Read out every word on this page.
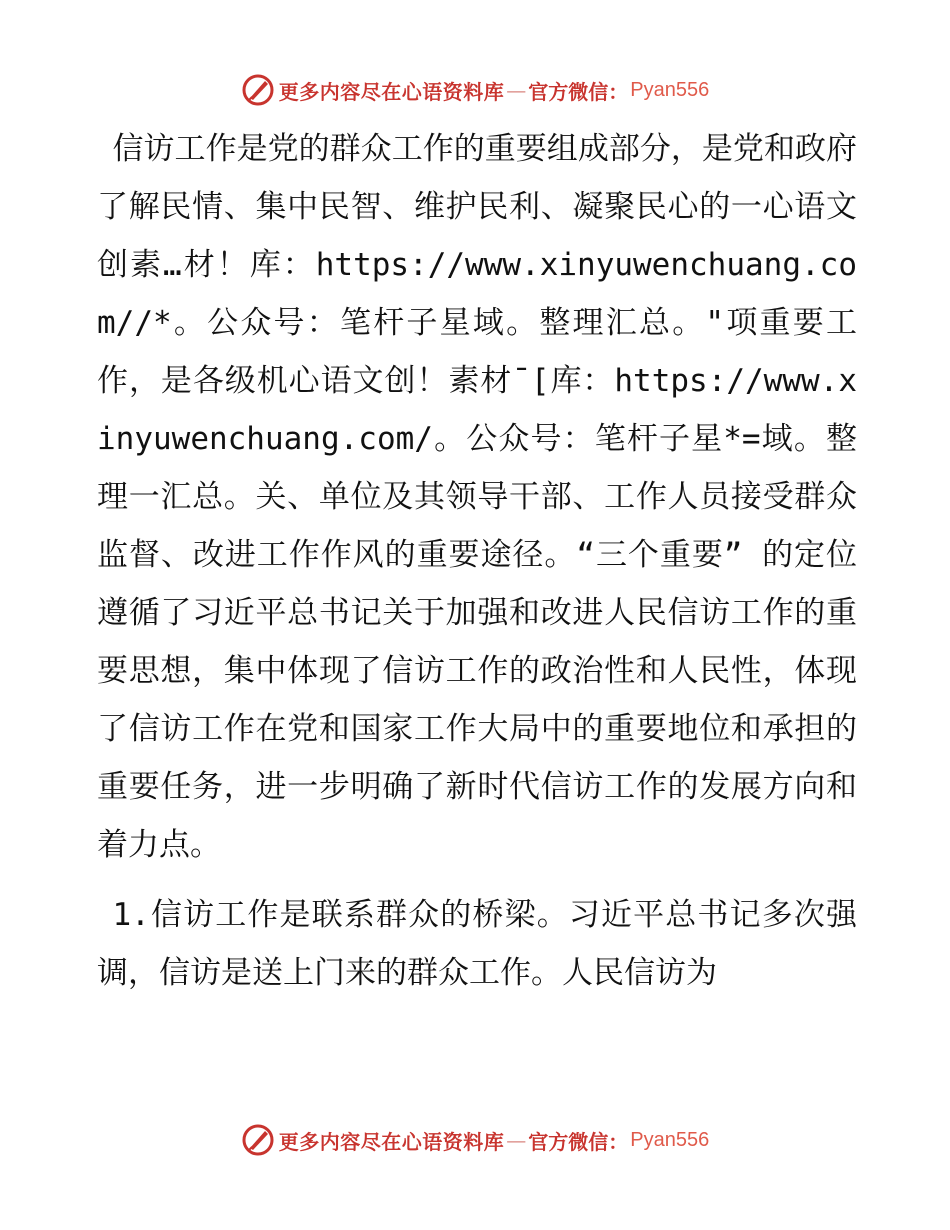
更多内容尽在心语资料库 — 官方微信： Pyan556

信访工作是党的群众工作的重要组成部分，是党和政府了解民情、集中民智、维护民利、凝聚民心的一心语文创素…材！库：https://www.xinyuwenchuang.com//*。公众号：笔杆子星域。整理汇总。"项重要工作，是各级机心语文创！素材¯[库：https://www.xinyuwenchuang.com/。公众号：笔杆子星*=域。整理一汇总。关、单位及其领导干部、工作人员接受群众监督、改进工作作风的重要途径。“三个重要” 的定位遵循了习近平总书记关于加强和改进人民信访工作的重要思想，集中体现了信访工作的政治性和人民性，体现了信访工作在党和国家工作大局中的重要地位和承担的重要任务，进一步明确了新时代信访工作的发展方向和着力点。

1.信访工作是联系群众的桥梁。习近平总书记多次强调，信访是送上门来的群众工作。人民信访为

更多内容尽在心语资料库 — 官方微信： Pyan556
